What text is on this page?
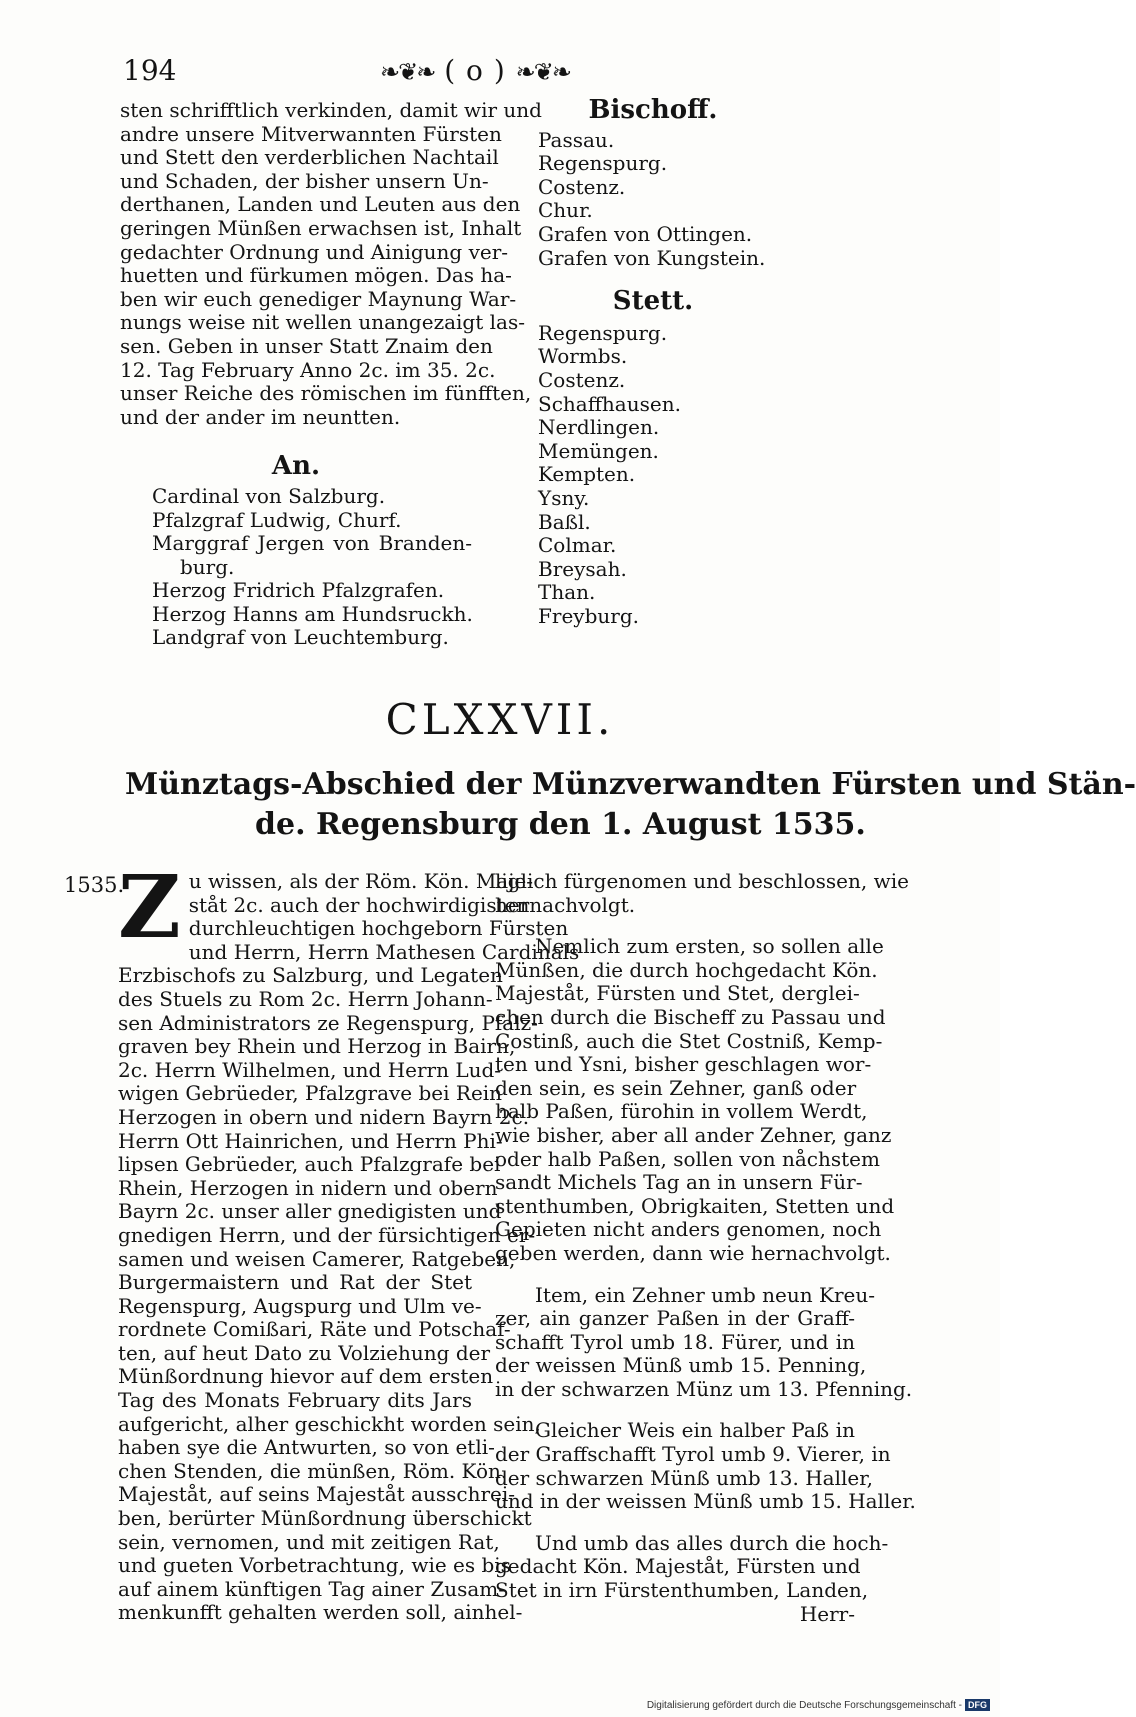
194	❧❦❧ ( o ) ❧❦❧
sten schrifftlich verkinden, damit wir und
andre unsere Mitverwannten Fürsten
und Stett den verderblichen Nachtail
und Schaden, der bisher unsern Un-
derthanen, Landen und Leuten aus den
geringen Münßen erwachsen ist, Inhalt
gedachter Ordnung und Ainigung ver-
huetten und fürkumen mögen. Das ha-
ben wir euch genediger Maynung War-
nungs weise nit wellen unangezaigt las-
sen. Geben in unser Statt Znaim den
12. Tag February Anno 2c. im 35. 2c.
unser Reiche des römischen im fünfften,
und der ander im neuntten.
An.
Cardinal von Salzburg.
Pfalzgraf Ludwig, Churf.
Marggraf Jergen von Branden-
burg.
Herzog Fridrich Pfalzgrafen.
Herzog Hanns am Hundsruckh.
Landgraf von Leuchtemburg.
Bischoff.
Passau.
Regenspurg.
Costenz.
Chur.
Grafen von Ottingen.
Grafen von Kungstein.
Stett.
Regenspurg.
Wormbs.
Costenz.
Schaffhausen.
Nerdlingen.
Memüngen.
Kempten.
Ysny.
Baßl.
Colmar.
Breysah.
Than.
Freyburg.
CLXXVII.
Münztags-Abschied der Münzverwandten Fürsten und Stän-
de. Regensburg den 1. August 1535.
1535.
Z u wissen, als der Röm. Kön. Maje-
ståt 2c. auch der hochwirdigisten
durchleuchtigen hochgeborn Fürsten
und Herrn, Herrn Mathesen Cardinals
Erzbischofs zu Salzburg, und Legaten
des Stuels zu Rom 2c. Herrn Johann-
sen Administrators ze Regenspurg, Pfalz-
graven bey Rhein und Herzog in Bairn,
2c. Herrn Wilhelmen, und Herrn Lud-
wigen Gebrüeder, Pfalzgrave bei Rein
Herzogen in obern und nidern Bayrn 2c.
Herrn Ott Hainrichen, und Herrn Phi-
lipsen Gebrüeder, auch Pfalzgrafe bei
Rhein, Herzogen in nidern und obern
Bayrn 2c. unser aller gnedigisten und
gnedigen Herrn, und der fürsichtigen er-
samen und weisen Camerer, Ratgeben,
Burgermaistern und Rat der Stet
Regenspurg, Augspurg und Ulm ve-
rordnete Comißari, Räte und Potschaf-
ten, auf heut Dato zu Volziehung der
Münßordnung hievor auf dem ersten
Tag des Monats February dits Jars
aufgericht, alher geschickht worden sein,
haben sye die Antwurten, so von etli-
chen Stenden, die münßen, Röm. Kön.
Majeståt, auf seins Majeståt ausschrei-
ben, berürter Münßordnung überschickt
sein, vernomen, und mit zeitigen Rat,
und gueten Vorbetrachtung, wie es bis
auf ainem künftigen Tag ainer Zusam-
menkunfft gehalten werden soll, ainhel-
liglich fürgenomen und beschlossen, wie
hernachvolgt.
Nemlich zum ersten, so sollen alle
Münßen, die durch hochgedacht Kön.
Majeståt, Fürsten und Stet, derglei-
chen durch die Bischeff zu Passau und
Costinß, auch die Stet Costniß, Kemp-
ten und Ysni, bisher geschlagen wor-
den sein, es sein Zehner, ganß oder
halb Paßen, fürohin in vollem Werdt,
wie bisher, aber all ander Zehner, ganz
oder halb Paßen, sollen von nåchstem
sandt Michels Tag an in unsern Für-
stenthumben, Obrigkaiten, Stetten und
Gepieten nicht anders genomen, noch
geben werden, dann wie hernachvolgt.
Item, ein Zehner umb neun Kreu-
zer, ain ganzer Paßen in der Graff-
schafft Tyrol umb 18. Fürer, und in
der weissen Münß umb 15. Penning,
in der schwarzen Münz um 13. Pfenning.
Gleicher Weis ein halber Paß in
der Graffschafft Tyrol umb 9. Vierer, in
der schwarzen Münß umb 13. Haller,
und in der weissen Münß umb 15. Haller.
Und umb das alles durch die hoch-
gedacht Kön. Majeståt, Fürsten und
Stet in irn Fürstenthumben, Landen,
Herr-
Digitalisierung gefördert durch die Deutsche Forschungsgemeinschaft - DFG
